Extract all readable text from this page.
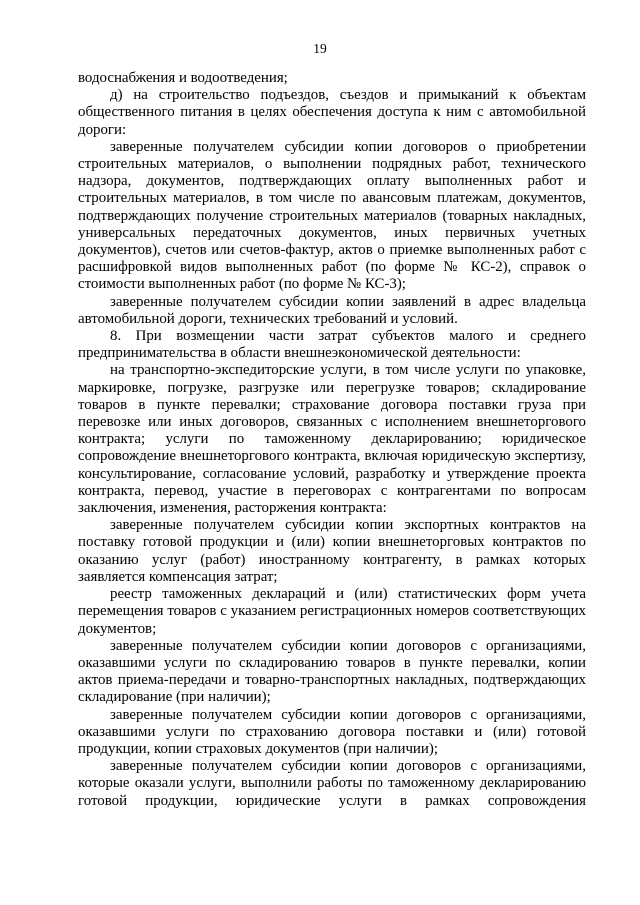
19

водоснабжения и водоотведения;

д) на строительство подъездов, съездов и примыканий к объектам общественного питания в целях обеспечения доступа к ним с автомобильной дороги:

заверенные получателем субсидии копии договоров о приобретении строительных материалов, о выполнении подрядных работ, технического надзора, документов, подтверждающих оплату выполненных работ и строительных материалов, в том числе по авансовым платежам, документов, подтверждающих получение строительных материалов (товарных накладных, универсальных передаточных документов, иных первичных учетных документов), счетов или счетов-фактур, актов о приемке выполненных работ с расшифровкой видов выполненных работ (по форме № КС-2), справок о стоимости выполненных работ (по форме № КС-3);

заверенные получателем субсидии копии заявлений в адрес владельца автомобильной дороги, технических требований и условий.

8. При возмещении части затрат субъектов малого и среднего предпринимательства в области внешнеэкономической деятельности:

на транспортно-экспедиторские услуги, в том числе услуги по упаковке, маркировке, погрузке, разгрузке или перегрузке товаров; складирование товаров в пункте перевалки; страхование договора поставки груза при перевозке или иных договоров, связанных с исполнением внешнеторгового контракта; услуги по таможенному декларированию; юридическое сопровождение внешнеторгового контракта, включая юридическую экспертизу, консультирование, согласование условий, разработку и утверждение проекта контракта, перевод, участие в переговорах с контрагентами по вопросам заключения, изменения, расторжения контракта:

заверенные получателем субсидии копии экспортных контрактов на поставку готовой продукции и (или) копии внешнеторговых контрактов по оказанию услуг (работ) иностранному контрагенту, в рамках которых заявляется компенсация затрат;

реестр таможенных деклараций и (или) статистических форм учета перемещения товаров с указанием регистрационных номеров соответствующих документов;

заверенные получателем субсидии копии договоров с организациями, оказавшими услуги по складированию товаров в пункте перевалки, копии актов приема-передачи и товарно-транспортных накладных, подтверждающих складирование (при наличии);

заверенные получателем субсидии копии договоров с организациями, оказавшими услуги по страхованию договора поставки и (или) готовой продукции, копии страховых документов (при наличии);

заверенные получателем субсидии копии договоров с организациями, которые оказали услуги, выполнили работы по таможенному декларированию готовой продукции, юридические услуги в рамках сопровождения
